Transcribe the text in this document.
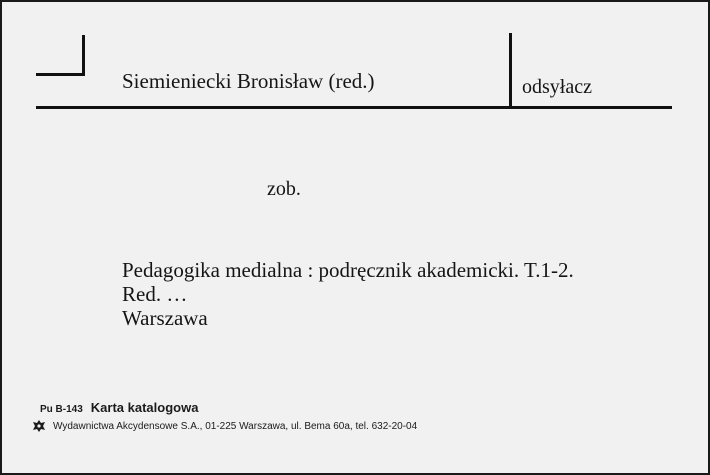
Siemieniecki Bronisław (red.)	odsyłacz
zob.
Pedagogika medialna : podręcznik akademicki. T.1-2.
Red. …
Warszawa
Pu B-143 Karta katalogowa
Wydawnictwa Akcydensowe S.A., 01-225 Warszawa, ul. Bema 60a, tel. 632-20-04
